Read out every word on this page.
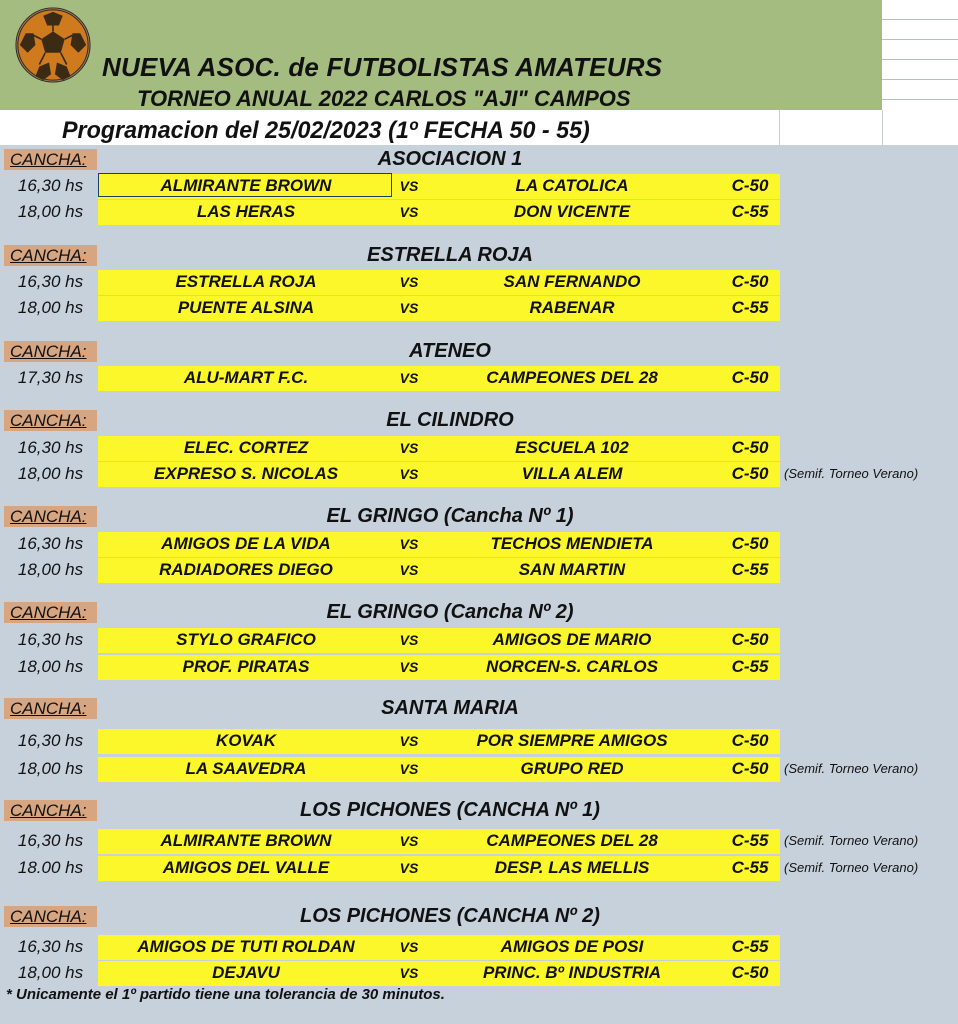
NUEVA ASOC. de FUTBOLISTAS AMATEURS
TORNEO ANUAL 2022 CARLOS "AJI" CAMPOS
Programacion del 25/02/2023 (1º FECHA 50 - 55)
CANCHA:	ASOCIACION 1
16,30 hs	ALMIRANTE BROWN	VS	LA CATOLICA	C-50
18,00 hs	LAS HERAS	VS	DON VICENTE	C-55
CANCHA:	ESTRELLA ROJA
16,30 hs	ESTRELLA ROJA	VS	SAN FERNANDO	C-50
18,00 hs	PUENTE ALSINA	VS	RABENAR	C-55
CANCHA:	ATENEO
17,30 hs	ALU-MART F.C.	VS	CAMPEONES DEL 28	C-50
CANCHA:	EL CILINDRO
16,30 hs	ELEC. CORTEZ	VS	ESCUELA 102	C-50
18,00 hs	EXPRESO S. NICOLAS	VS	VILLA ALEM	C-50	(Semif. Torneo Verano)
CANCHA:	EL GRINGO (Cancha Nº 1)
16,30 hs	AMIGOS DE LA VIDA	VS	TECHOS MENDIETA	C-50
18,00 hs	RADIADORES DIEGO	VS	SAN MARTIN	C-55
CANCHA:	EL GRINGO (Cancha Nº 2)
16,30 hs	STYLO GRAFICO	VS	AMIGOS DE MARIO	C-50
18,00 hs	PROF. PIRATAS	VS	NORCEN-S. CARLOS	C-55
CANCHA:	SANTA MARIA
16,30 hs	KOVAK	VS	POR SIEMPRE AMIGOS	C-50
18,00 hs	LA SAAVEDRA	VS	GRUPO RED	C-50	(Semif. Torneo Verano)
CANCHA:	LOS PICHONES (CANCHA Nº 1)
16,30 hs	ALMIRANTE BROWN	VS	CAMPEONES DEL 28	C-55	(Semif. Torneo Verano)
18.00 hs	AMIGOS DEL VALLE	VS	DESP. LAS MELLIS	C-55	(Semif. Torneo Verano)
CANCHA:	LOS PICHONES (CANCHA Nº 2)
16,30 hs	AMIGOS DE TUTI ROLDAN	VS	AMIGOS DE POSI	C-55
18,00 hs	DEJAVU	VS	PRINC. Bº INDUSTRIA	C-50
* Unicamente el 1º partido tiene una tolerancia de 30 minutos.
